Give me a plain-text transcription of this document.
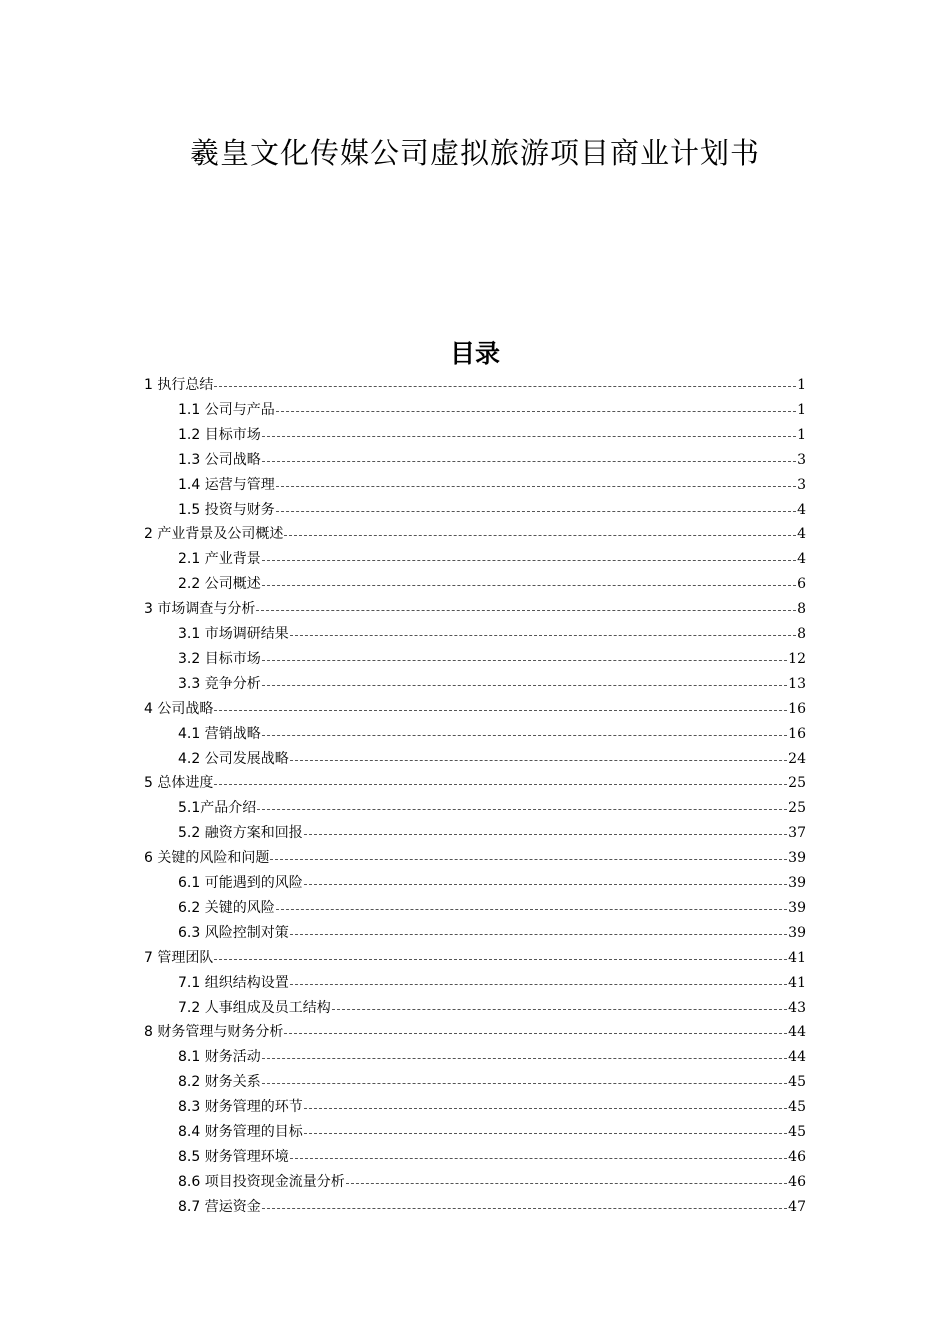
羲皇文化传媒公司虚拟旅游项目商业计划书
目录
1 执行总结	1
1.1 公司与产品	1
1.2 目标市场	1
1.3 公司战略	3
1.4 运营与管理	3
1.5 投资与财务	4
2 产业背景及公司概述	4
2.1 产业背景	4
2.2 公司概述	6
3 市场调查与分析	8
3.1 市场调研结果	8
3.2 目标市场	12
3.3 竞争分析	13
4 公司战略	16
4.1 营销战略	16
4.2 公司发展战略	24
5 总体进度	25
5.1产品介绍	25
5.2 融资方案和回报	37
6 关键的风险和问题	39
6.1 可能遇到的风险	39
6.2 关键的风险	39
6.3 风险控制对策	39
7 管理团队	41
7.1 组织结构设置	41
7.2 人事组成及员工结构	43
8 财务管理与财务分析	44
8.1 财务活动	44
8.2 财务关系	45
8.3 财务管理的环节	45
8.4 财务管理的目标	45
8.5 财务管理环境	46
8.6 项目投资现金流量分析	46
8.7 营运资金	47
